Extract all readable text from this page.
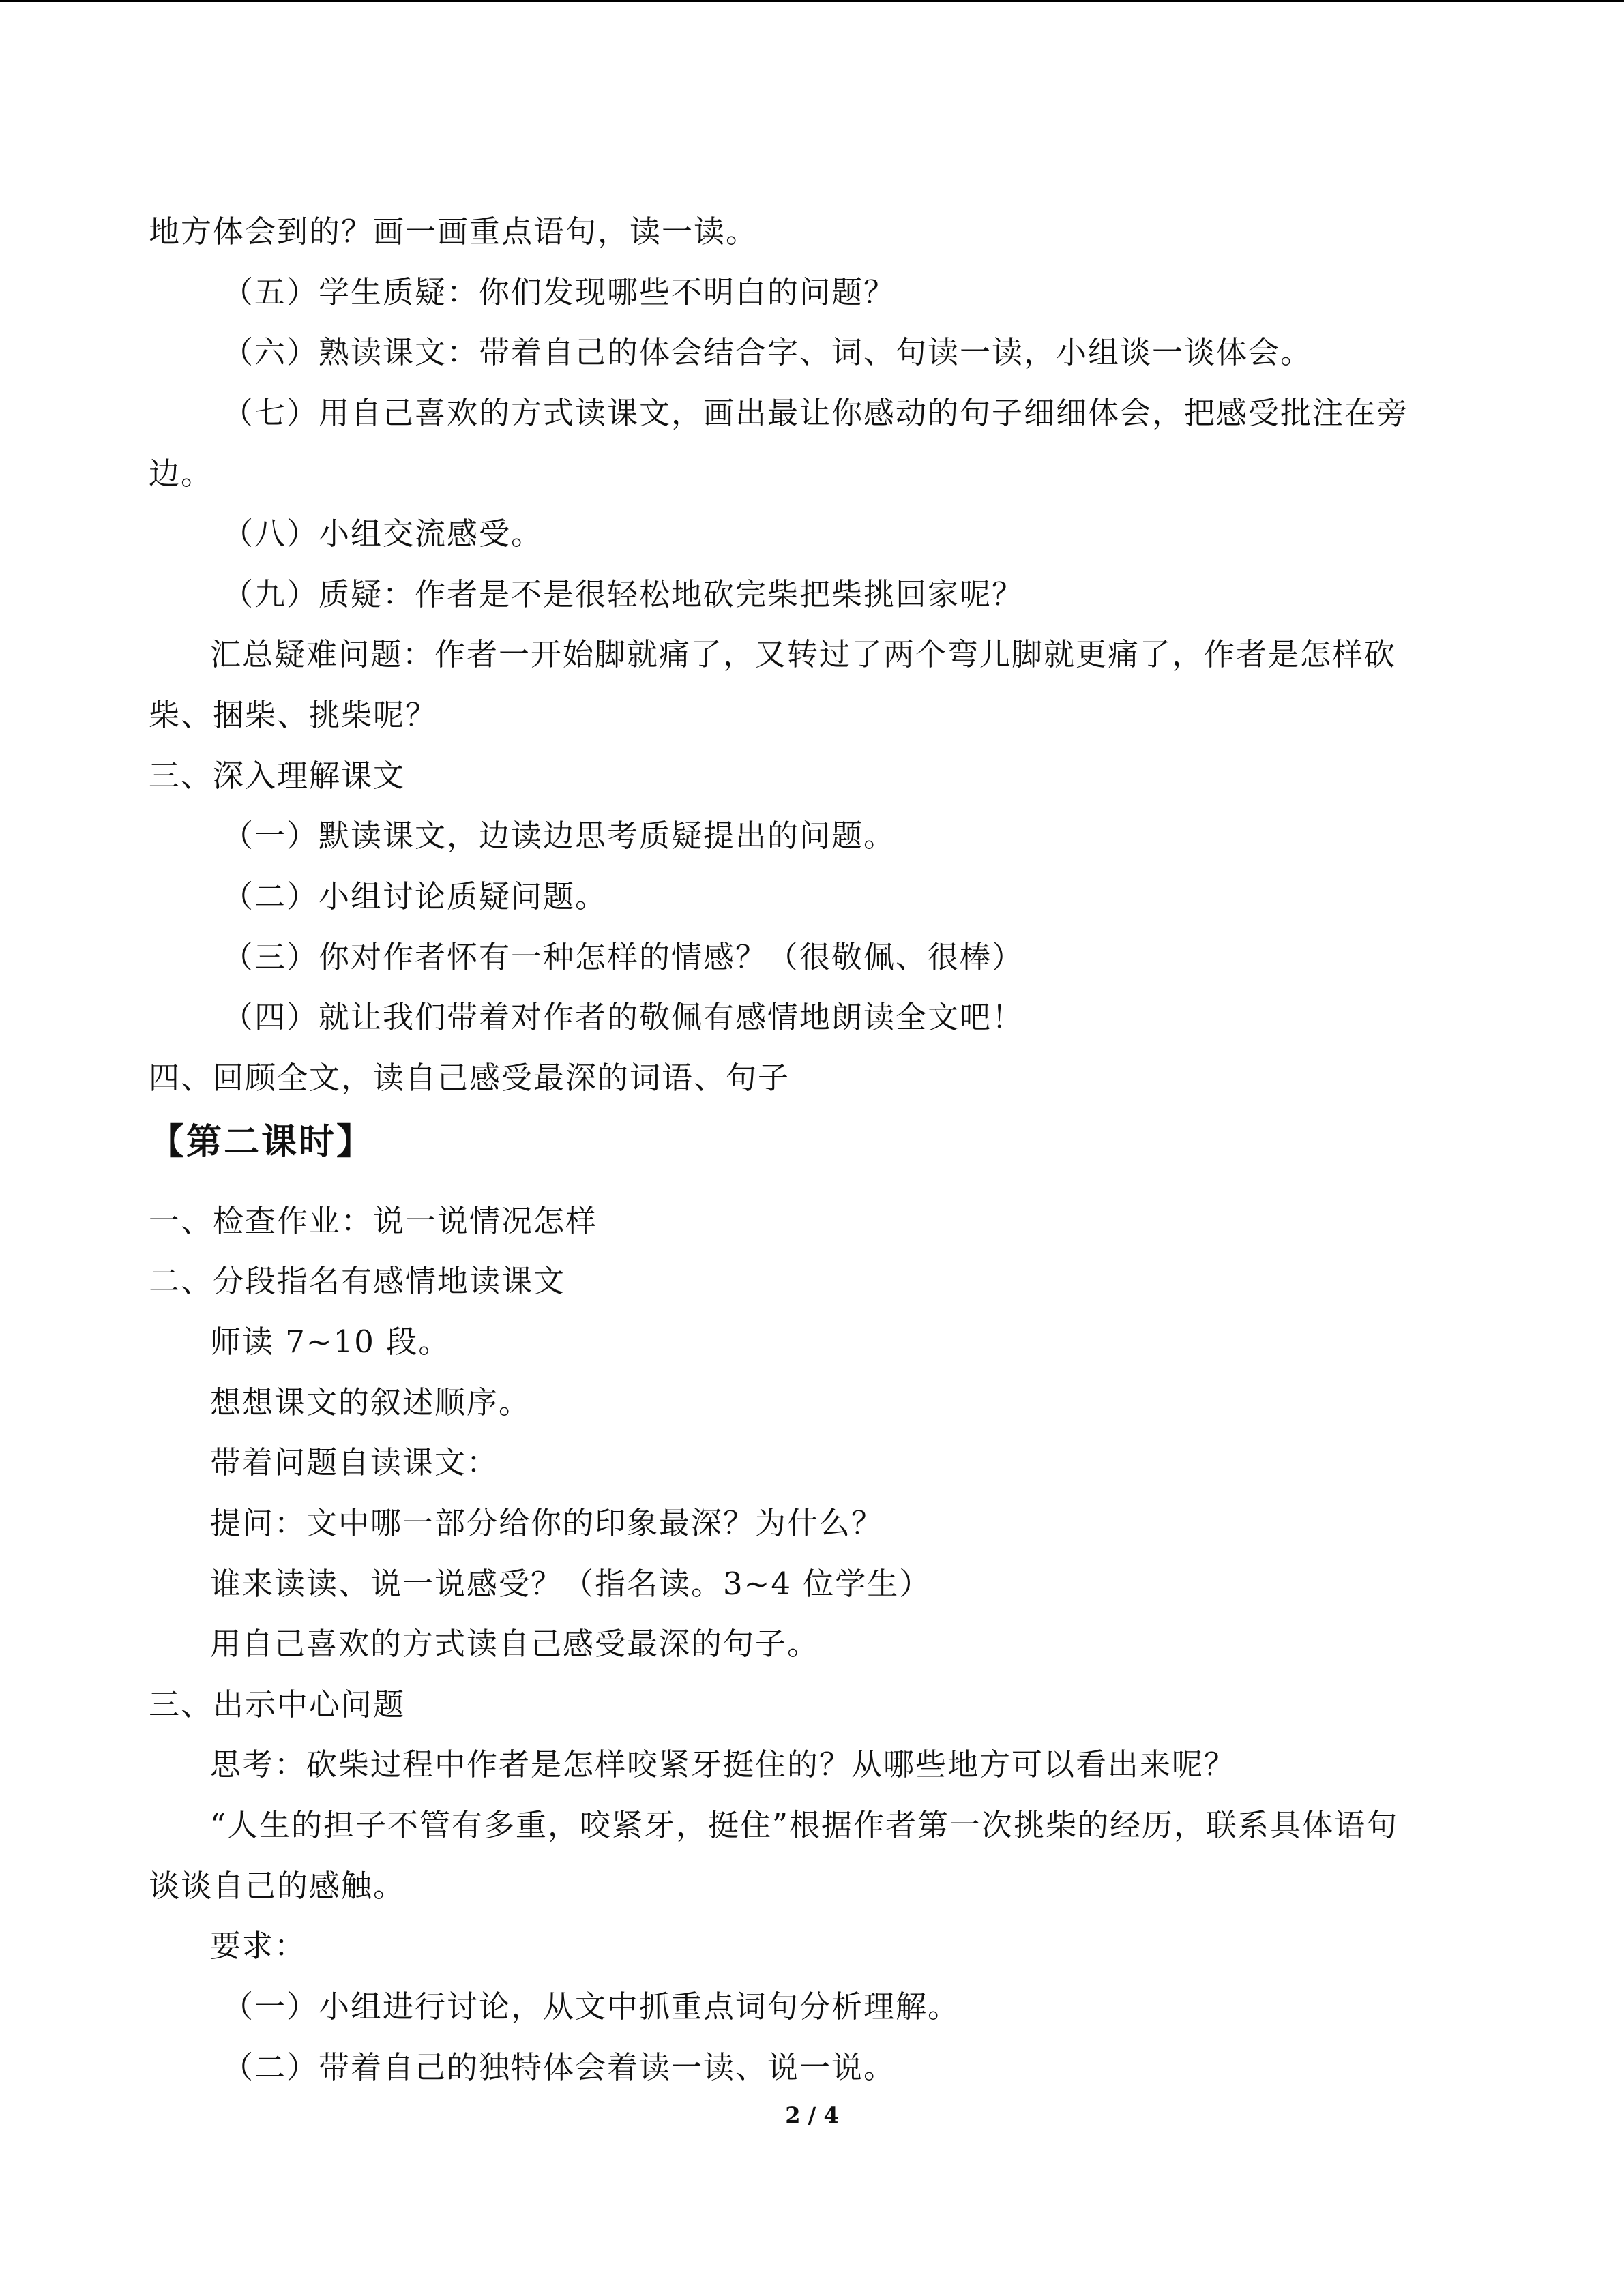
地方体会到的？画一画重点语句，读一读。
（五）学生质疑：你们发现哪些不明白的问题？
（六）熟读课文：带着自己的体会结合字、词、句读一读，小组谈一谈体会。
（七）用自己喜欢的方式读课文，画出最让你感动的句子细细体会，把感受批注在旁
边。
（八）小组交流感受。
（九）质疑：作者是不是很轻松地砍完柴把柴挑回家呢？
汇总疑难问题：作者一开始脚就痛了，又转过了两个弯儿脚就更痛了，作者是怎样砍
柴、捆柴、挑柴呢？
三、深入理解课文
（一）默读课文，边读边思考质疑提出的问题。
（二）小组讨论质疑问题。
（三）你对作者怀有一种怎样的情感？（很敬佩、很棒）
（四）就让我们带着对作者的敬佩有感情地朗读全文吧！
四、回顾全文，读自己感受最深的词语、句子
【第二课时】
一、检查作业：说一说情况怎样
二、分段指名有感情地读课文
师读 7~10 段。
想想课文的叙述顺序。
带着问题自读课文：
提问：文中哪一部分给你的印象最深？为什么？
谁来读读、说一说感受？（指名读。3~4 位学生）
用自己喜欢的方式读自己感受最深的句子。
三、出示中心问题
思考：砍柴过程中作者是怎样咬紧牙挺住的？从哪些地方可以看出来呢？
“人生的担子不管有多重，咬紧牙，挺住”根据作者第一次挑柴的经历，联系具体语句
谈谈自己的感触。
要求：
（一）小组进行讨论，从文中抓重点词句分析理解。
（二）带着自己的独特体会着读一读、说一说。
2 / 4
